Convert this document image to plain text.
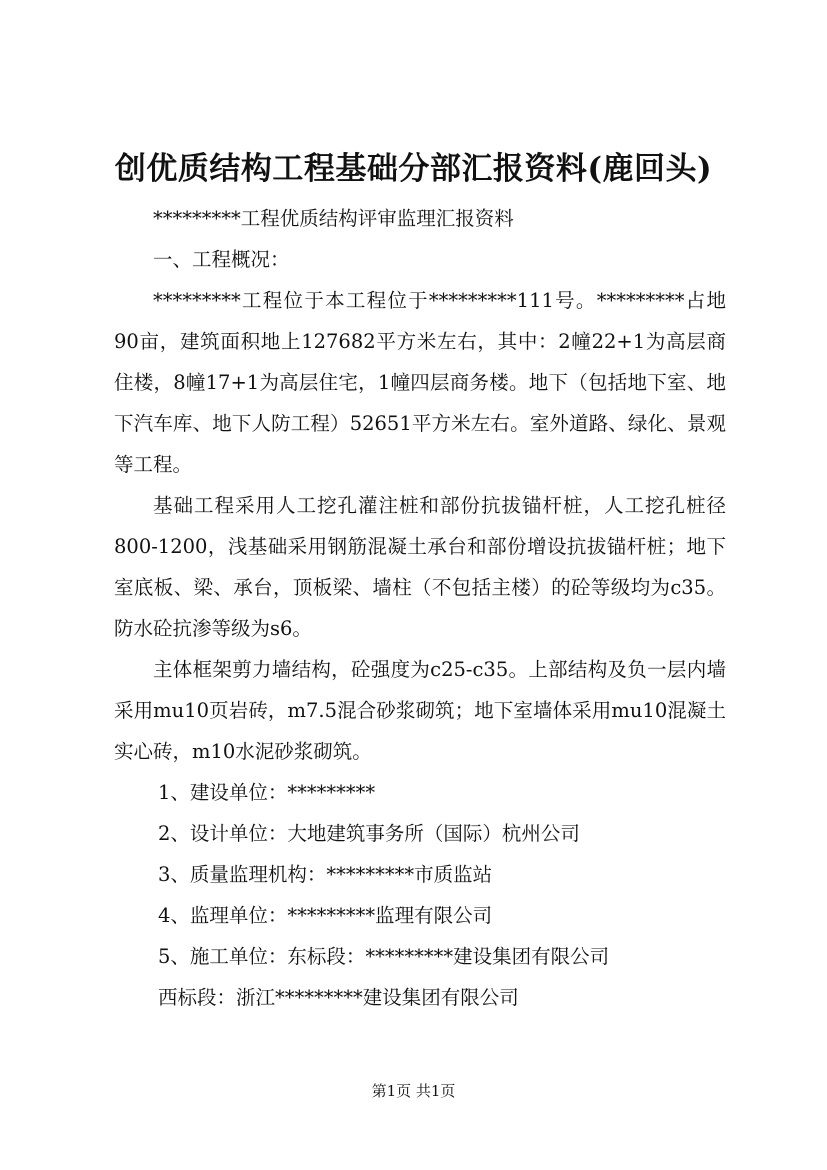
创优质结构工程基础分部汇报资料(鹿回头)
*********工程优质结构评审监理汇报资料
一、工程概况：

*********工程位于本工程位于*********111号。*********占地90亩，建筑面积地上127682平方米左右，其中：2幢22+1为高层商住楼，8幢17+1为高层住宅，1幢四层商务楼。地下（包括地下室、地下汽车库、地下人防工程）52651平方米左右。室外道路、绿化、景观等工程。

基础工程采用人工挖孔灌注桩和部份抗拔锚杆桩，人工挖孔桩径800-1200，浅基础采用钢筋混凝土承台和部份增设抗拔锚杆桩；地下室底板、梁、承台，顶板梁、墙柱（不包括主楼）的砼等级均为c35。防水砼抗渗等级为s6。

主体框架剪力墙结构，砼强度为c25-c35。上部结构及负一层内墙采用mu10页岩砖，m7.5混合砂浆砌筑；地下室墙体采用mu10混凝土实心砖，m10水泥砂浆砌筑。

1、建设单位：*********
2、设计单位：大地建筑事务所（国际）杭州公司
3、质量监理机构：*********市质监站
4、监理单位：*********监理有限公司
5、施工单位：东标段：*********建设集团有限公司
西标段：浙江*********建设集团有限公司
第1页 共1页
